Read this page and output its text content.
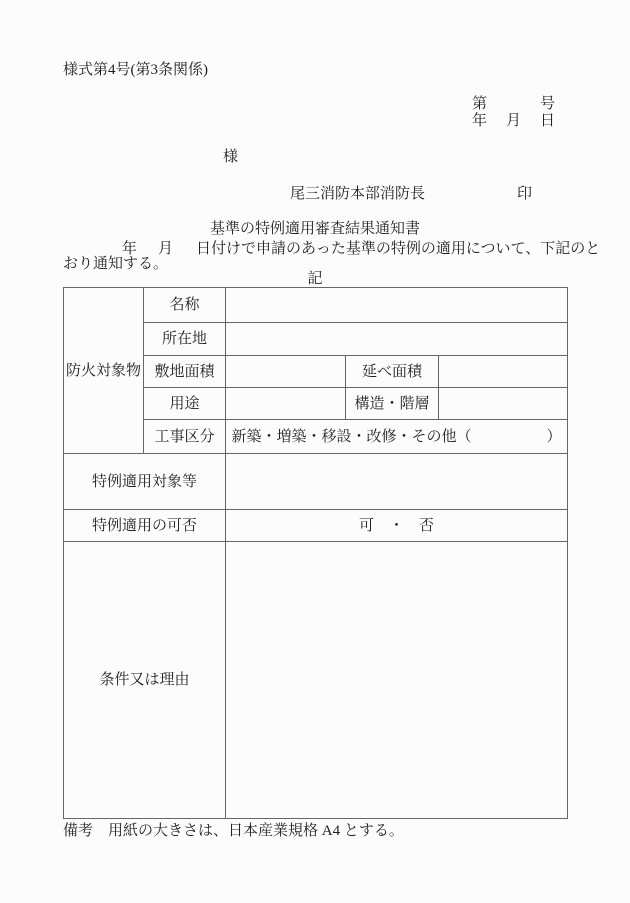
様式第4号(第3条関係)
第	号
年 月 日
様
尾三消防本部消防長	印
基準の特例適用審査結果通知書
年 月 日付けで申請のあった基準の特例の適用について、下記のと
おり通知する。
記
防火対象物	名称			
	所在地			
	敷地面積		延べ面積	
	用途		構造・階層	
	工事区分	新築・増築・移設・改修・その他（　　　　　）		
特例適用対象等				
特例適用の可否		可　・　否		
条件又は理由				
備考　用紙の大きさは、日本産業規格 A4 とする。
